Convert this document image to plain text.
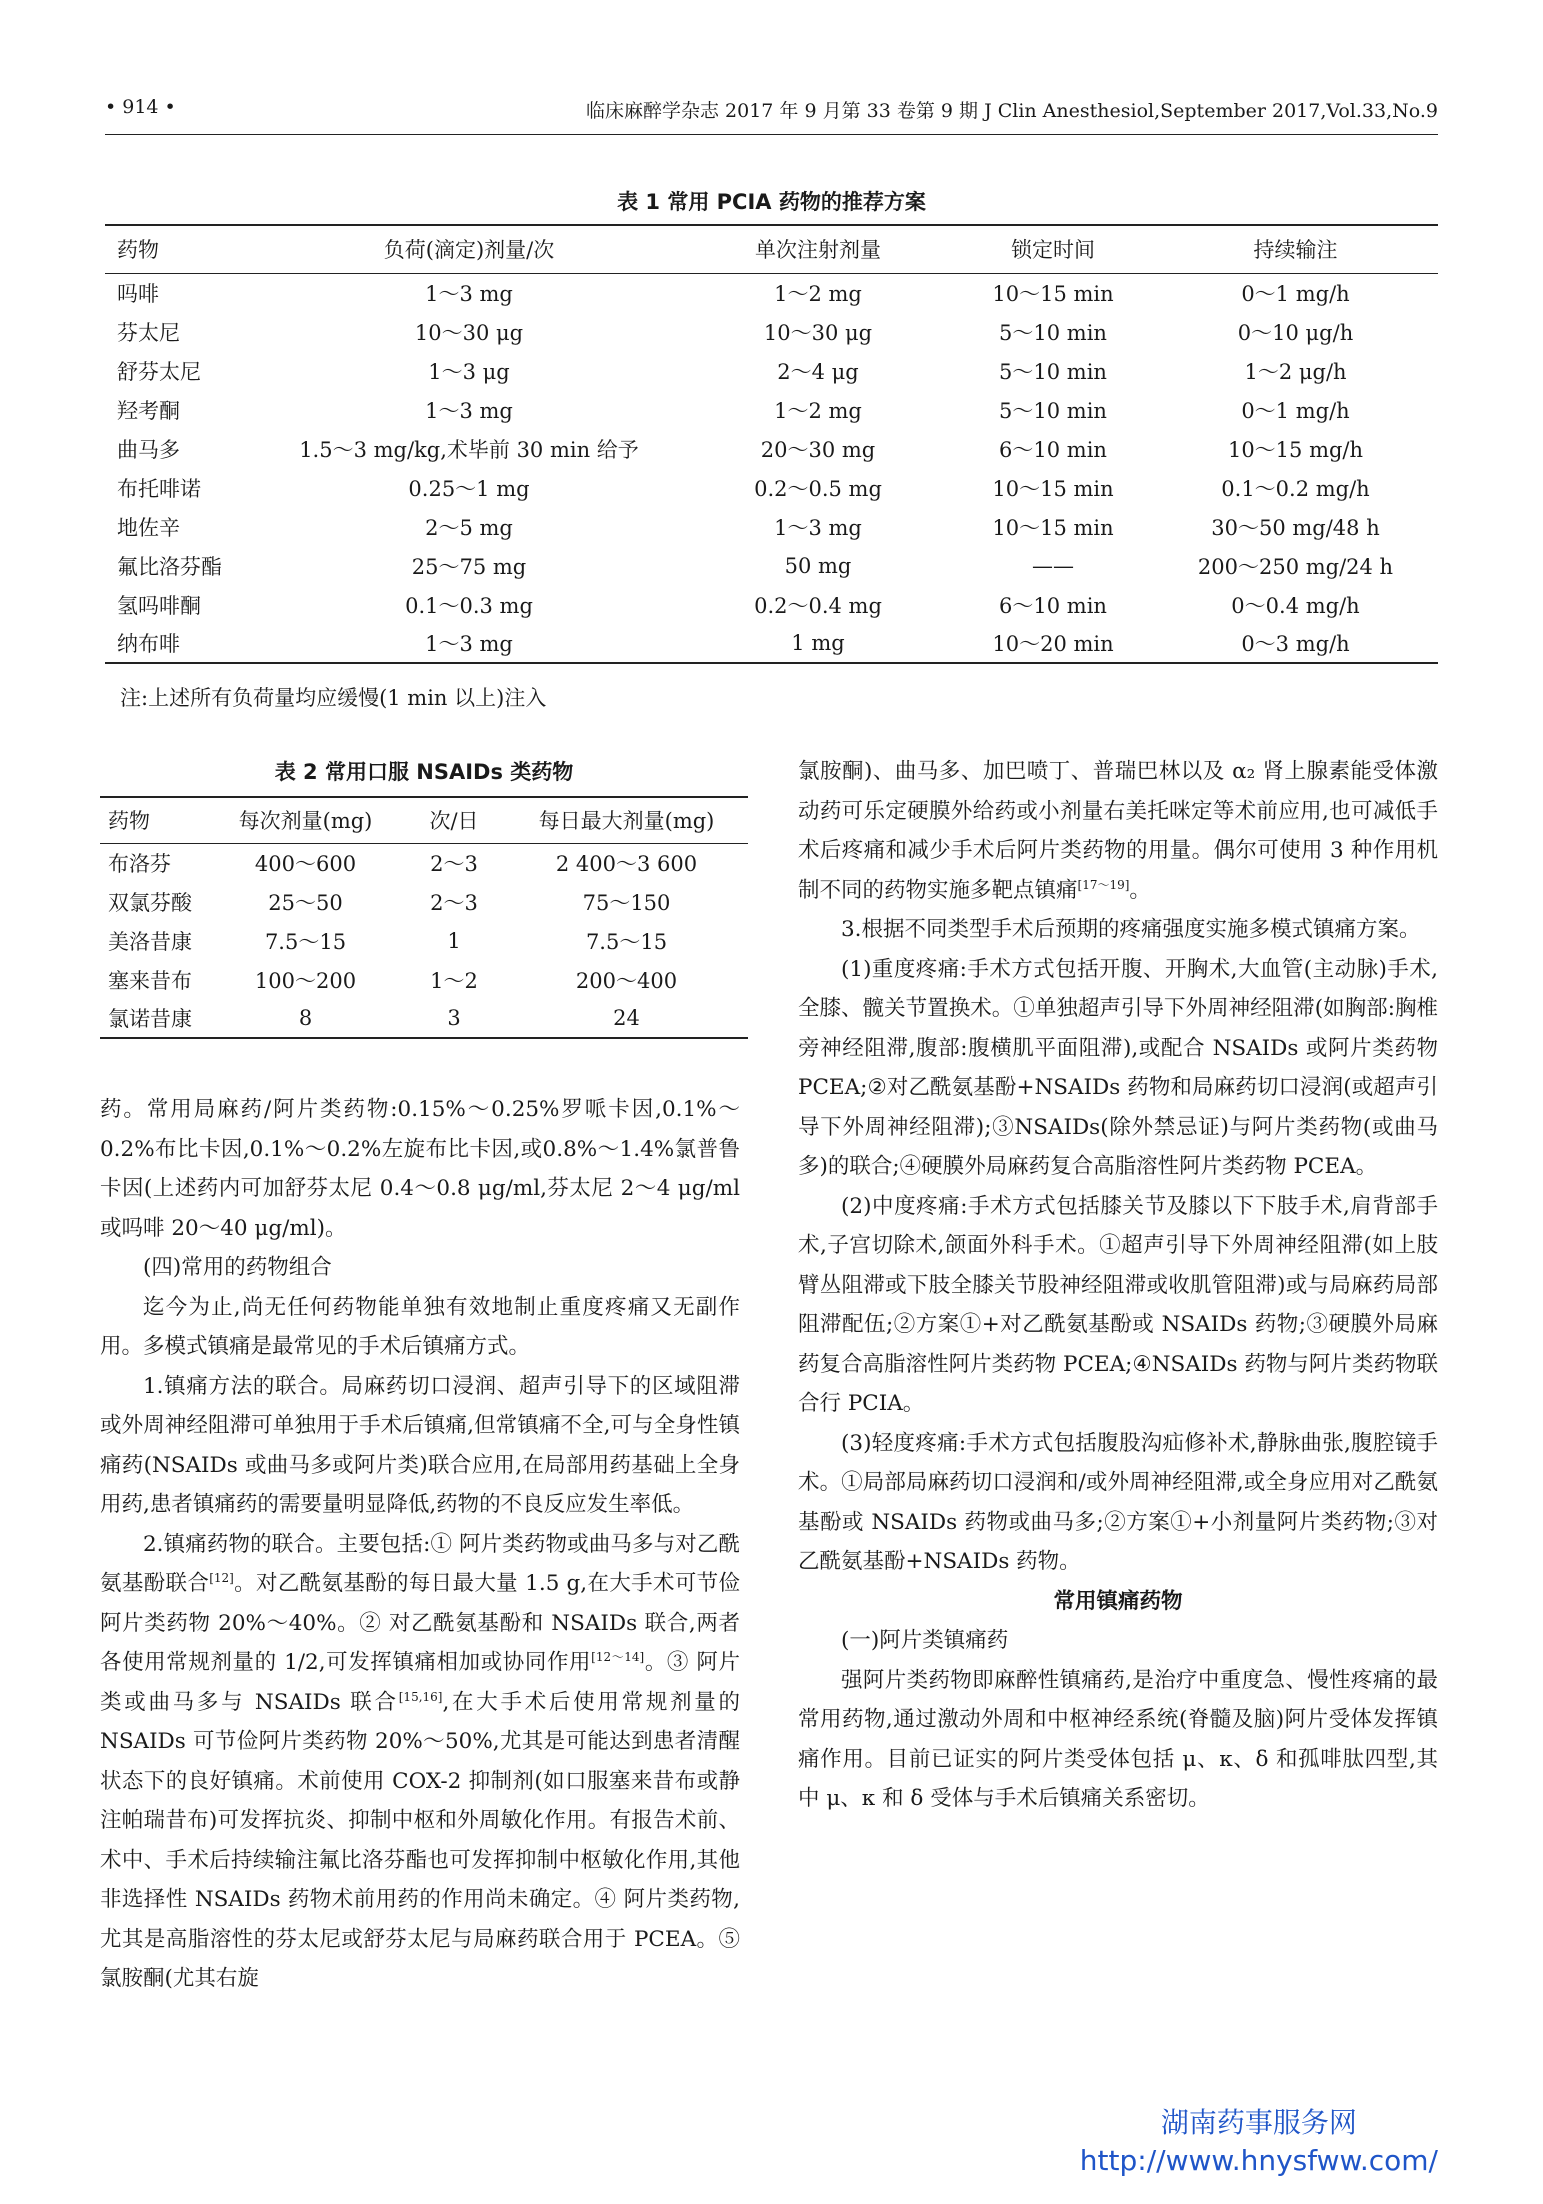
• 914 •	临床麻醉学杂志 2017 年 9 月第 33 卷第 9 期 J Clin Anesthesiol,September 2017,Vol.33,No.9
表 1 常用 PCIA 药物的推荐方案
药物	负荷(滴定)剂量/次	单次注射剂量	锁定时间	持续输注
吗啡	1～3 mg	1～2 mg	10～15 min	0～1 mg/h
芬太尼	10～30 μg	10～30 μg	5～10 min	0～10 μg/h
舒芬太尼	1～3 μg	2～4 μg	5～10 min	1～2 μg/h
羟考酮	1～3 mg	1～2 mg	5～10 min	0～1 mg/h
曲马多	1.5～3 mg/kg,术毕前 30 min 给予	20～30 mg	6～10 min	10～15 mg/h
布托啡诺	0.25～1 mg	0.2～0.5 mg	10～15 min	0.1～0.2 mg/h
地佐辛	2～5 mg	1～3 mg	10～15 min	30～50 mg/48 h
氟比洛芬酯	25～75 mg	50 mg	——	200～250 mg/24 h
氢吗啡酮	0.1～0.3 mg	0.2～0.4 mg	6～10 min	0～0.4 mg/h
纳布啡	1～3 mg	1 mg	10～20 min	0～3 mg/h
注:上述所有负荷量均应缓慢(1 min 以上)注入
表 2 常用口服 NSAIDs 类药物
药物	每次剂量(mg)	次/日	每日最大剂量(mg)
布洛芬	400～600	2～3	2 400～3 600
双氯芬酸	25～50	2～3	75～150
美洛昔康	7.5～15	1	7.5～15
塞来昔布	100～200	1～2	200～400
氯诺昔康	8	3	24

药。常用局麻药/阿片类药物:0.15%～0.25%罗哌卡因,0.1%～0.2%布比卡因,0.1%～0.2%左旋布比卡因,或0.8%～1.4%氯普鲁卡因(上述药内可加舒芬太尼 0.4～0.8 μg/ml,芬太尼 2～4 μg/ml 或吗啡 20～40 μg/ml)。

(四)常用的药物组合

迄今为止,尚无任何药物能单独有效地制止重度疼痛又无副作用。多模式镇痛是最常见的手术后镇痛方式。

1.镇痛方法的联合。局麻药切口浸润、超声引导下的区域阻滞或外周神经阻滞可单独用于手术后镇痛,但常镇痛不全,可与全身性镇痛药(NSAIDs 或曲马多或阿片类)联合应用,在局部用药基础上全身用药,患者镇痛药的需要量明显降低,药物的不良反应发生率低。

2.镇痛药物的联合。主要包括:① 阿片类药物或曲马多与对乙酰氨基酚联合[12]。对乙酰氨基酚的每日最大量 1.5 g,在大手术可节俭阿片类药物 20%～40%。② 对乙酰氨基酚和 NSAIDs 联合,两者各使用常规剂量的 1/2,可发挥镇痛相加或协同作用[12～14]。③ 阿片类或曲马多与 NSAIDs 联合[15,16],在大手术后使用常规剂量的 NSAIDs 可节俭阿片类药物 20%～50%,尤其是可能达到患者清醒状态下的良好镇痛。术前使用 COX-2 抑制剂(如口服塞来昔布或静注帕瑞昔布)可发挥抗炎、抑制中枢和外周敏化作用。有报告术前、术中、手术后持续输注氟比洛芬酯也可发挥抑制中枢敏化作用,其他非选择性 NSAIDs 药物术前用药的作用尚未确定。④ 阿片类药物,尤其是高脂溶性的芬太尼或舒芬太尼与局麻药联合用于 PCEA。⑤ 氯胺酮(尤其右旋

氯胺酮)、曲马多、加巴喷丁、普瑞巴林以及 α₂ 肾上腺素能受体激动药可乐定硬膜外给药或小剂量右美托咪定等术前应用,也可减低手术后疼痛和减少手术后阿片类药物的用量。偶尔可使用 3 种作用机制不同的药物实施多靶点镇痛[17～19]。

3.根据不同类型手术后预期的疼痛强度实施多模式镇痛方案。

(1)重度疼痛:手术方式包括开腹、开胸术,大血管(主动脉)手术,全膝、髋关节置换术。①单独超声引导下外周神经阻滞(如胸部:胸椎旁神经阻滞,腹部:腹横肌平面阻滞),或配合 NSAIDs 或阿片类药物 PCEA;②对乙酰氨基酚+NSAIDs 药物和局麻药切口浸润(或超声引导下外周神经阻滞);③NSAIDs(除外禁忌证)与阿片类药物(或曲马多)的联合;④硬膜外局麻药复合高脂溶性阿片类药物 PCEA。

(2)中度疼痛:手术方式包括膝关节及膝以下下肢手术,肩背部手术,子宫切除术,颌面外科手术。①超声引导下外周神经阻滞(如上肢臂丛阻滞或下肢全膝关节股神经阻滞或收肌管阻滞)或与局麻药局部阻滞配伍;②方案①+对乙酰氨基酚或 NSAIDs 药物;③硬膜外局麻药复合高脂溶性阿片类药物 PCEA;④NSAIDs 药物与阿片类药物联合行 PCIA。

(3)轻度疼痛:手术方式包括腹股沟疝修补术,静脉曲张,腹腔镜手术。①局部局麻药切口浸润和/或外周神经阻滞,或全身应用对乙酰氨基酚或 NSAIDs 药物或曲马多;②方案①+小剂量阿片类药物;③对乙酰氨基酚+NSAIDs 药物。

常用镇痛药物

(一)阿片类镇痛药

强阿片类药物即麻醉性镇痛药,是治疗中重度急、慢性疼痛的最常用药物,通过激动外周和中枢神经系统(脊髓及脑)阿片受体发挥镇痛作用。目前已证实的阿片类受体包括 μ、κ、δ 和孤啡肽四型,其中 μ、κ 和 δ 受体与手术后镇痛关系密切。

湖南药事服务网
http://www.hnysfww.com/
